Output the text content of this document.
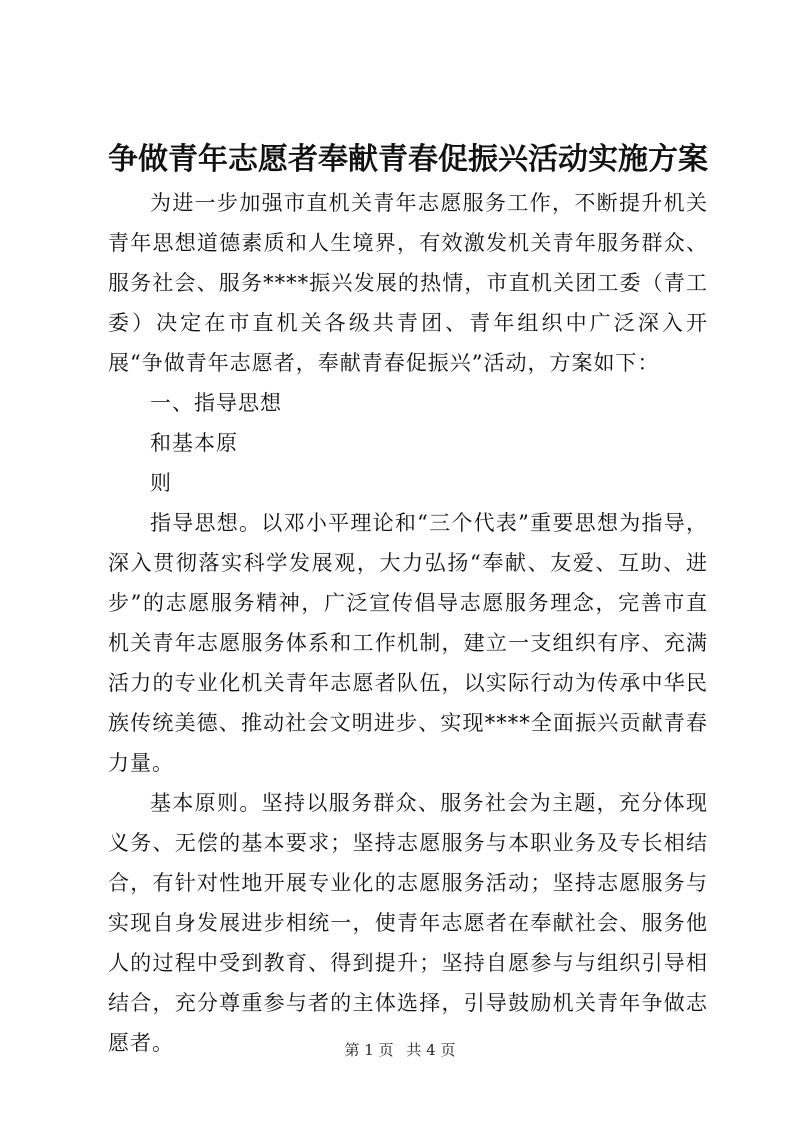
争做青年志愿者奉献青春促振兴活动实施方案

为进一步加强市直机关青年志愿服务工作，不断提升机关青年思想道德素质和人生境界，有效激发机关青年服务群众、服务社会、服务****振兴发展的热情，市直机关团工委（青工委）决定在市直机关各级共青团、青年组织中广泛深入开展“争做青年志愿者，奉献青春促振兴”活动，方案如下：

一、指导思想

和基本原

则

指导思想。以邓小平理论和“三个代表”重要思想为指导，深入贯彻落实科学发展观，大力弘扬“奉献、友爱、互助、进步”的志愿服务精神，广泛宣传倡导志愿服务理念，完善市直机关青年志愿服务体系和工作机制，建立一支组织有序、充满活力的专业化机关青年志愿者队伍，以实际行动为传承中华民族传统美德、推动社会文明进步、实现****全面振兴贡献青春力量。

基本原则。坚持以服务群众、服务社会为主题，充分体现义务、无偿的基本要求；坚持志愿服务与本职业务及专长相结合，有针对性地开展专业化的志愿服务活动；坚持志愿服务与实现自身发展进步相统一，使青年志愿者在奉献社会、服务他人的过程中受到教育、得到提升；坚持自愿参与与组织引导相结合，充分尊重参与者的主体选择，引导鼓励机关青年争做志愿者。	第 1 页 共 4 页
